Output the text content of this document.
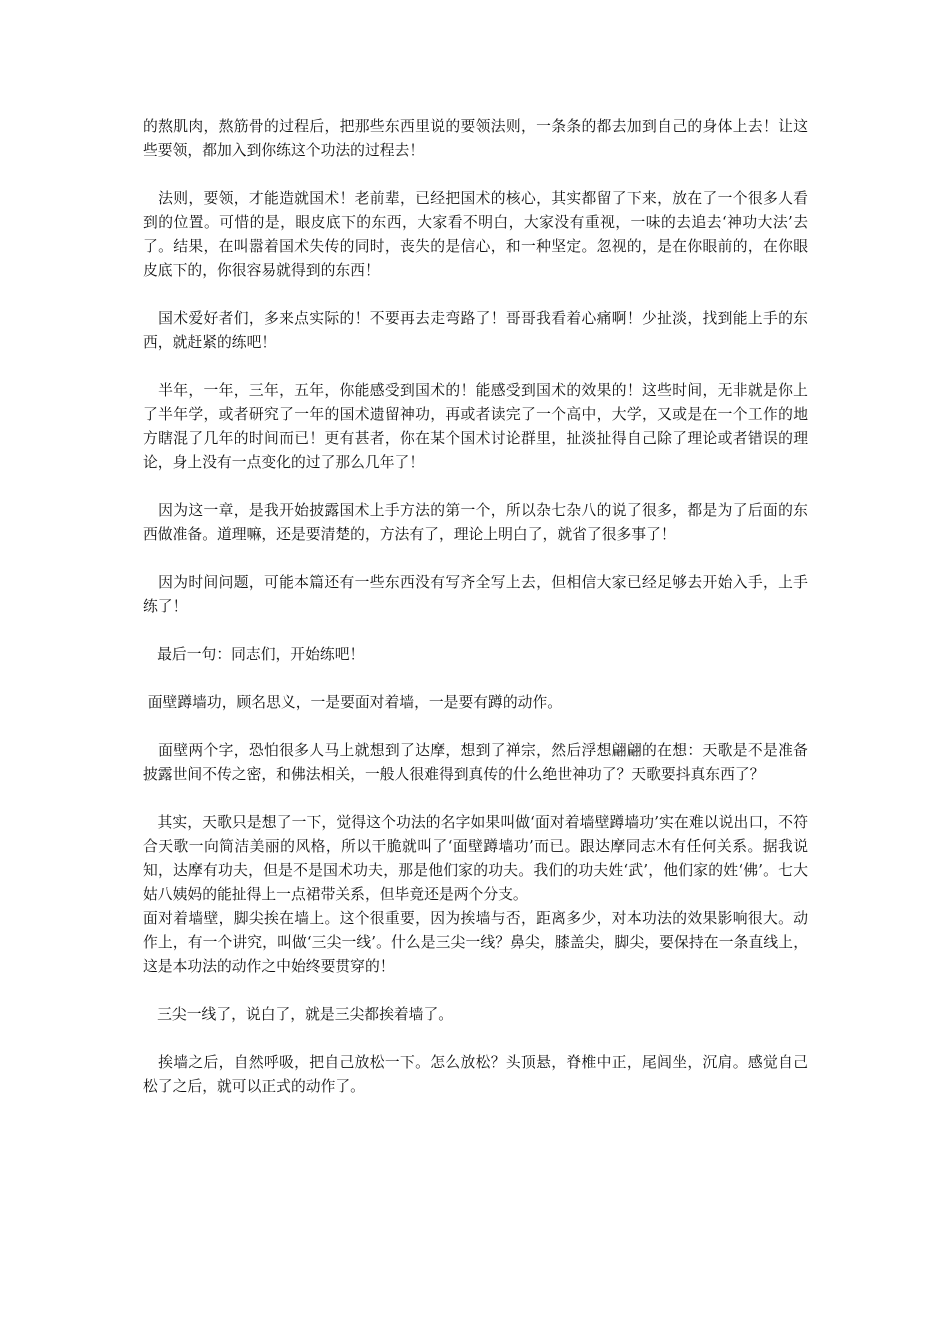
的熬肌肉，熬筋骨的过程后，把那些东西里说的要领法则，一条条的都去加到自己的身体上去！让这些要领，都加入到你练这个功法的过程去！

法则，要领，才能造就国术！老前辈，已经把国术的核心，其实都留了下来，放在了一个很多人看到的位置。可惜的是，眼皮底下的东西，大家看不明白，大家没有重视，一味的去追去‘神功大法’去了。结果，在叫嚣着国术失传的同时，丧失的是信心，和一种坚定。忽视的，是在你眼前的，在你眼皮底下的，你很容易就得到的东西！

国术爱好者们，多来点实际的！不要再去走弯路了！哥哥我看着心痛啊！少扯淡，找到能上手的东西，就赶紧的练吧！

半年，一年，三年，五年，你能感受到国术的！能感受到国术的效果的！这些时间，无非就是你上了半年学，或者研究了一年的国术遗留神功，再或者读完了一个高中，大学，又或是在一个工作的地方瞎混了几年的时间而已！更有甚者，你在某个国术讨论群里，扯淡扯得自己除了理论或者错误的理论，身上没有一点变化的过了那么几年了！

因为这一章，是我开始披露国术上手方法的第一个，所以杂七杂八的说了很多，都是为了后面的东西做准备。道理嘛，还是要清楚的，方法有了，理论上明白了，就省了很多事了！

因为时间问题，可能本篇还有一些东西没有写齐全写上去，但相信大家已经足够去开始入手，上手练了！

最后一句：同志们，开始练吧！

面壁蹲墙功，顾名思义，一是要面对着墙，一是要有蹲的动作。

面壁两个字，恐怕很多人马上就想到了达摩，想到了禅宗，然后浮想翩翩的在想：天歌是不是准备披露世间不传之密，和佛法相关，一般人很难得到真传的什么绝世神功了？天歌要抖真东西了？

其实，天歌只是想了一下，觉得这个功法的名字如果叫做‘面对着墙壁蹲墙功’实在难以说出口，不符合天歌一向简洁美丽的风格，所以干脆就叫了‘面壁蹲墙功’而已。跟达摩同志木有任何关系。据我说知，达摩有功夫，但是不是国术功夫，那是他们家的功夫。我们的功夫姓‘武’，他们家的姓‘佛’。七大姑八姨妈的能扯得上一点裙带关系，但毕竟还是两个分支。

面对着墙壁，脚尖挨在墙上。这个很重要，因为挨墙与否，距离多少，对本功法的效果影响很大。动作上，有一个讲究，叫做‘三尖一线’。什么是三尖一线？鼻尖，膝盖尖，脚尖，要保持在一条直线上，这是本功法的动作之中始终要贯穿的！

三尖一线了，说白了，就是三尖都挨着墙了。

挨墙之后，自然呼吸，把自己放松一下。怎么放松？头顶悬，脊椎中正，尾闾坐，沉肩。感觉自己松了之后，就可以正式的动作了。
